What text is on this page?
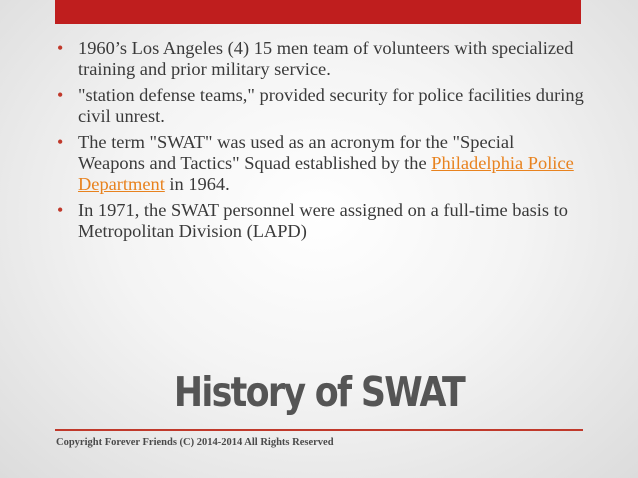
• 1960’s Los Angeles (4) 15 men team of volunteers with specialized training and prior military service.
• "station defense teams," provided security for police facilities during civil unrest.
• The term "SWAT" was used as an acronym for the "Special Weapons and Tactics" Squad established by the Philadelphia Police Department in 1964.
• In 1971, the SWAT personnel were assigned on a full-time basis to Metropolitan Division (LAPD)
History of SWAT
Copyright Forever Friends (C) 2014-2014 All Rights Reserved
